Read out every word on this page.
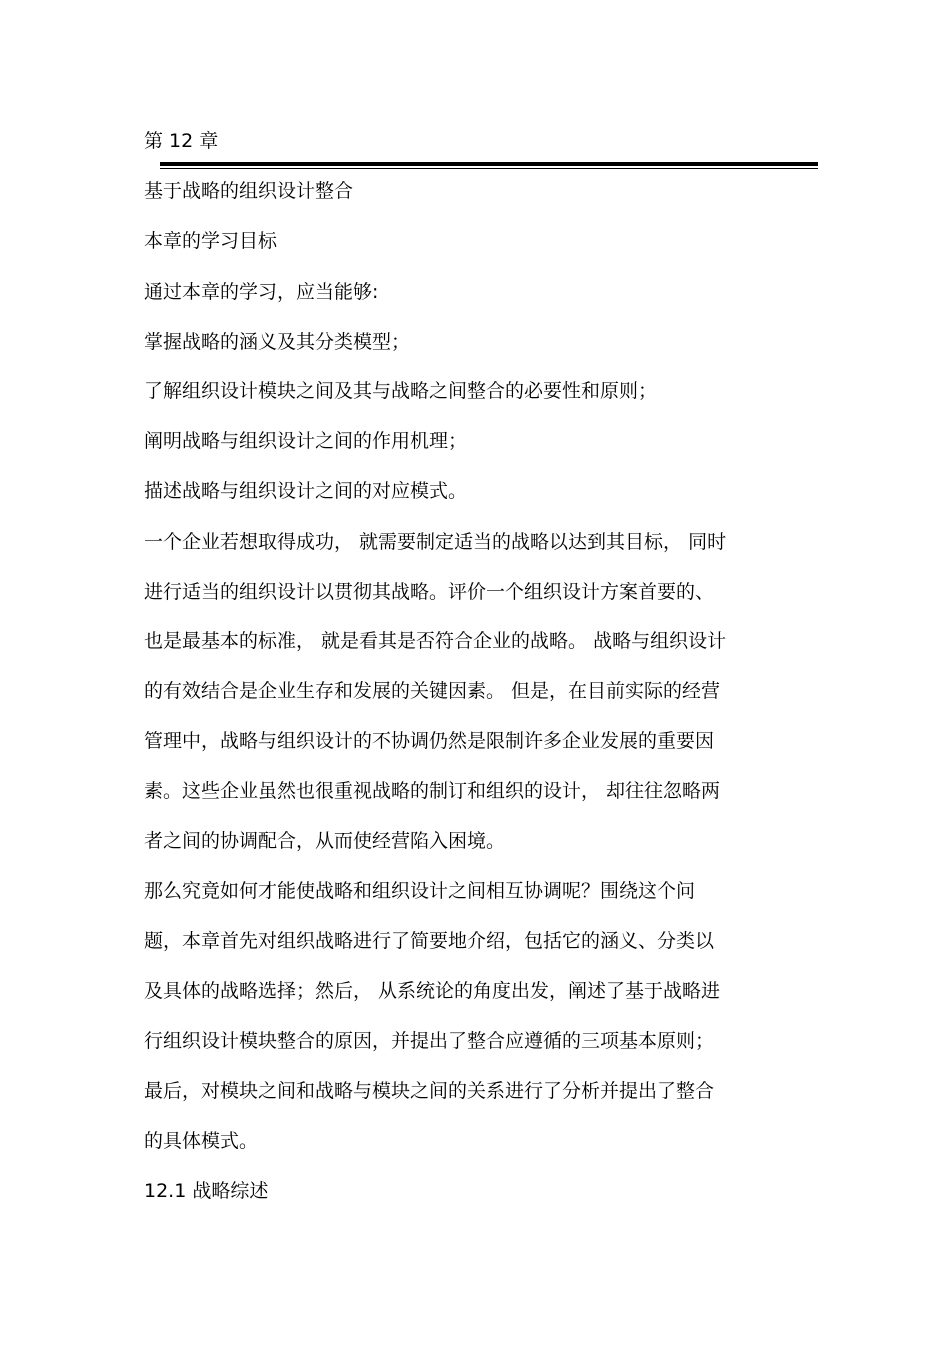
第 12 章

基于战略的组织设计整合

本章的学习目标

通过本章的学习，应当能够:

掌握战略的涵义及其分类模型；

了解组织设计模块之间及其与战略之间整合的必要性和原则；

阐明战略与组织设计之间的作用机理；

描述战略与组织设计之间的对应模式。

一个企业若想取得成功， 就需要制定适当的战略以达到其目标， 同时

进行适当的组织设计以贯彻其战略。评价一个组织设计方案首要的、

也是最基本的标准， 就是看其是否符合企业的战略。 战略与组织设计

的有效结合是企业生存和发展的关键因素。 但是，在目前实际的经营

管理中，战略与组织设计的不协调仍然是限制许多企业发展的重要因

素。这些企业虽然也很重视战略的制订和组织的设计， 却往往忽略两

者之间的协调配合，从而使经营陷入困境。

那么究竟如何才能使战略和组织设计之间相互协调呢？围绕这个问

题，本章首先对组织战略进行了简要地介绍，包括它的涵义、分类以

及具体的战略选择；然后， 从系统论的角度出发，阐述了基于战略进

行组织设计模块整合的原因，并提出了整合应遵循的三项基本原则；

最后，对模块之间和战略与模块之间的关系进行了分析并提出了整合

的具体模式。

12.1 战略综述
